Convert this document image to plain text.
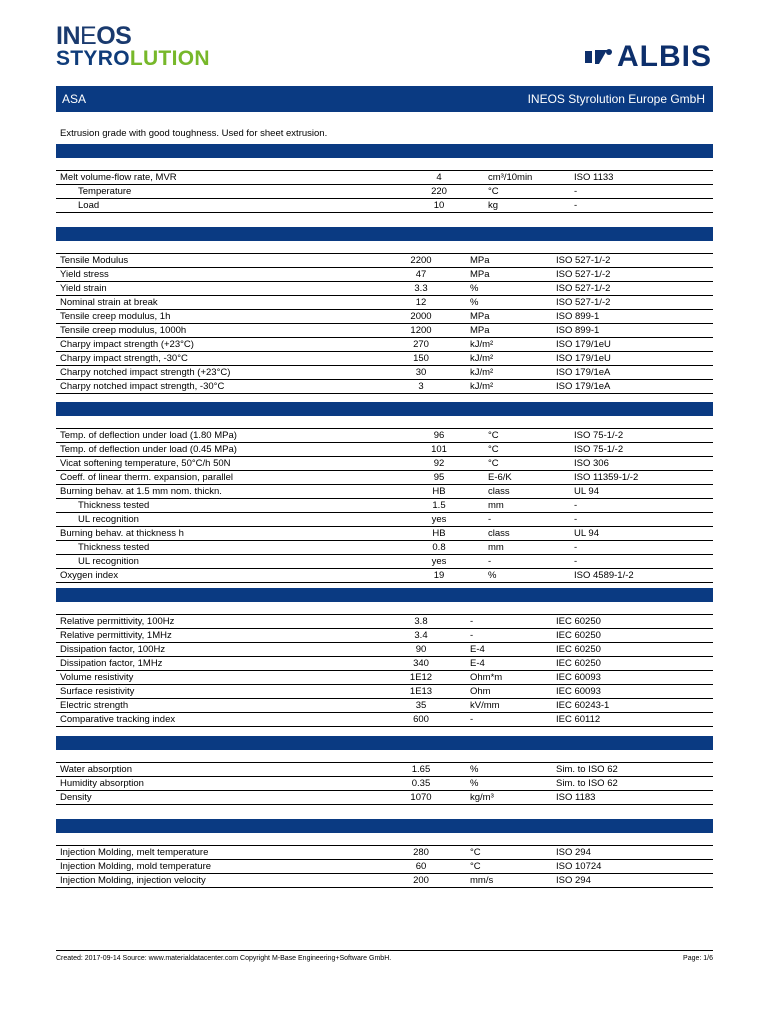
INEOS
STYROLUTION	ALBIS
ASA	INEOS Styrolution Europe GmbH
Extrusion grade with good toughness. Used for sheet extrusion.
Melt volume-flow rate, MVR	4		cm³/10min	ISO 1133
Temperature	220		°C	-
Load	10		kg	-
Tensile Modulus	2200		MPa	ISO 527-1/-2
Yield stress	47		MPa	ISO 527-1/-2
Yield strain	3.3		%	ISO 527-1/-2
Nominal strain at break	12		%	ISO 527-1/-2
Tensile creep modulus, 1h	2000		MPa	ISO 899-1
Tensile creep modulus, 1000h	1200		MPa	ISO 899-1
Charpy impact strength (+23°C)	270		kJ/m²	ISO 179/1eU
Charpy impact strength, -30°C	150		kJ/m²	ISO 179/1eU
Charpy notched impact strength (+23°C)	30		kJ/m²	ISO 179/1eA
Charpy notched impact strength, -30°C	3		kJ/m²	ISO 179/1eA
Temp. of deflection under load (1.80 MPa)	96		°C	ISO 75-1/-2
Temp. of deflection under load (0.45 MPa)	101		°C	ISO 75-1/-2
Vicat softening temperature, 50°C/h 50N	92		°C	ISO 306
Coeff. of linear therm. expansion, parallel	95		E-6/K	ISO 11359-1/-2
Burning behav. at 1.5 mm nom. thickn.	HB		class	UL 94
Thickness tested	1.5		mm	-
UL recognition	yes		-	-
Burning behav. at thickness h	HB		class	UL 94
Thickness tested	0.8		mm	-
UL recognition	yes		-	-
Oxygen index	19		%	ISO 4589-1/-2
Relative permittivity, 100Hz	3.8		-	IEC 60250
Relative permittivity, 1MHz	3.4		-	IEC 60250
Dissipation factor, 100Hz	90		E-4	IEC 60250
Dissipation factor, 1MHz	340		E-4	IEC 60250
Volume resistivity	1E12		Ohm*m	IEC 60093
Surface resistivity	1E13		Ohm	IEC 60093
Electric strength	35		kV/mm	IEC 60243-1
Comparative tracking index	600		-	IEC 60112
Water absorption	1.65		%	Sim. to ISO 62
Humidity absorption	0.35		%	Sim. to ISO 62
Density	1070		kg/m³	ISO 1183
Injection Molding, melt temperature	280		°C	ISO 294
Injection Molding, mold temperature	60		°C	ISO 10724
Injection Molding, injection velocity	200		mm/s	ISO 294
Created: 2017-09-14 Source: www.materialdatacenter.com Copyright M-Base Engineering+Software GmbH.	Page: 1/6
